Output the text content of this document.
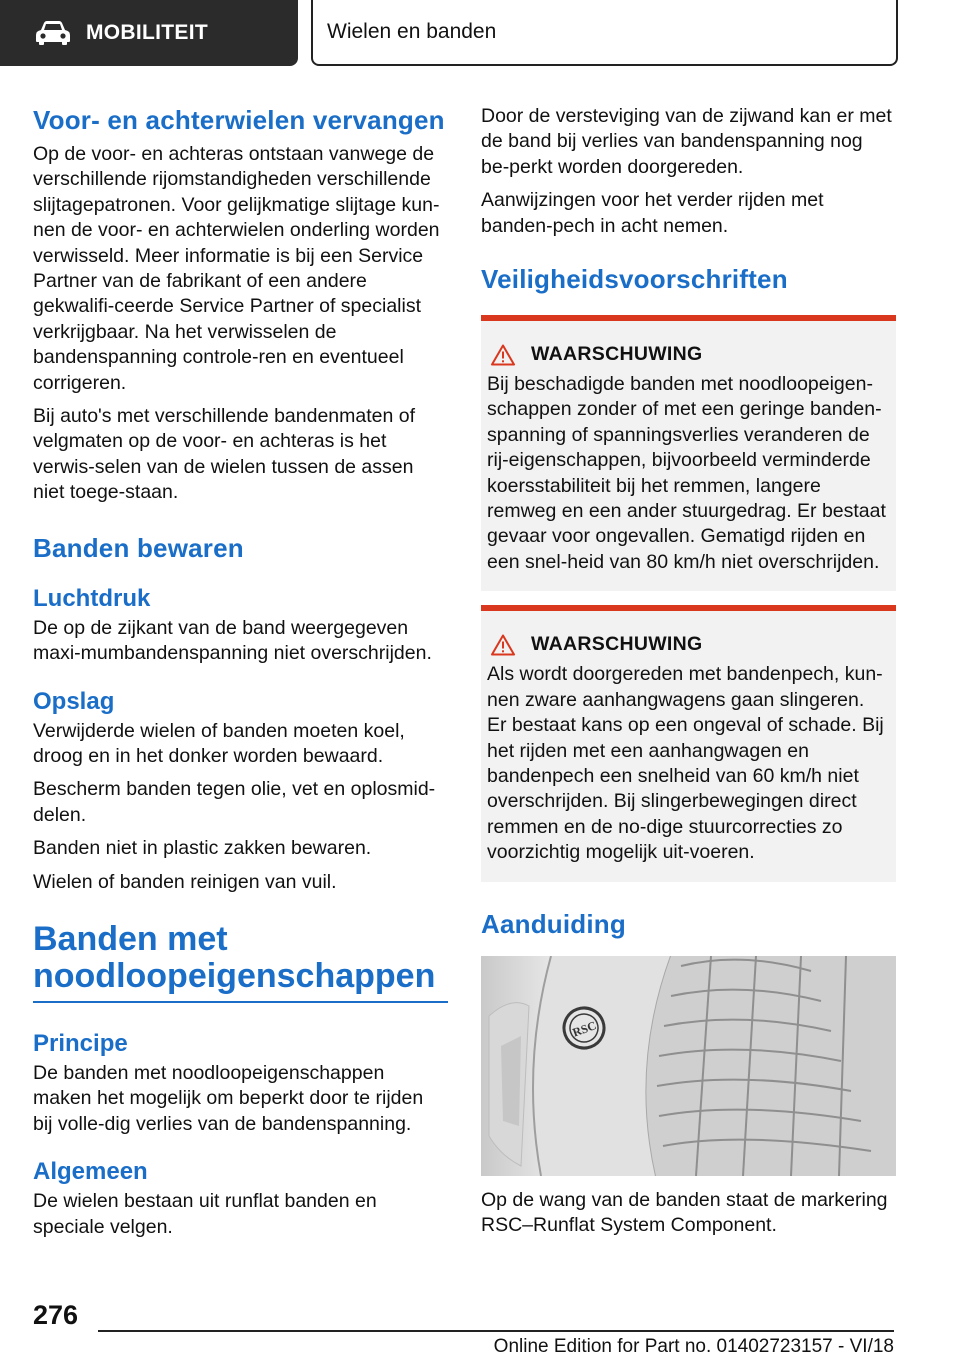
MOBILITEIT	Wielen en banden
Voor- en achterwielen vervangen

Op de voor- en achteras ontstaan vanwege de verschillende rijomstandigheden verschillende slijtagepatronen. Voor gelijkmatige slijtage kun-nen de voor- en achterwielen onderling worden verwisseld. Meer informatie is bij een Service Partner van de fabrikant of een andere gekwalifi-ceerde Service Partner of specialist verkrijgbaar. Na het verwisselen de bandenspanning controle-ren en eventueel corrigeren.

Bij auto's met verschillende bandenmaten of velgmaten op de voor- en achteras is het verwis-selen van de wielen tussen de assen niet toege-staan.

Banden bewaren
Luchtdruk

De op de zijkant van de band weergegeven maxi-mumbandenspanning niet overschrijden.

Opslag

Verwijderde wielen of banden moeten koel, droog en in het donker worden bewaard.

Bescherm banden tegen olie, vet en oplosmid-delen.

Banden niet in plastic zakken bewaren.

Wielen of banden reinigen van vuil.

Banden met
noodloopeigenschappen
Principe

De banden met noodloopeigenschappen maken het mogelijk om beperkt door te rijden bij volle-dig verlies van de bandenspanning.

Algemeen

De wielen bestaan uit runflat banden en speciale velgen.

Door de versteviging van de zijwand kan er met de band bij verlies van bandenspanning nog be-perkt worden doorgereden.

Aanwijzingen voor het verder rijden met banden-pech in acht nemen.

Veiligheidsvoorschriften
WAARSCHUWING

Bij beschadigde banden met noodloopeigen-schappen zonder of met een geringe banden-spanning of spanningsverlies veranderen de rij-eigenschappen, bijvoorbeeld verminderde koersstabiliteit bij het remmen, langere remweg en een ander stuurgedrag. Er bestaat gevaar voor ongevallen. Gematigd rijden en een snel-heid van 80 km/h niet overschrijden.

WAARSCHUWING

Als wordt doorgereden met bandenpech, kun-nen zware aanhangwagens gaan slingeren. Er bestaat kans op een ongeval of schade. Bij het rijden met een aanhangwagen en bandenpech een snelheid van 60 km/h niet overschrijden. Bij slingerbewegingen direct remmen en de no-dige stuurcorrecties zo voorzichtig mogelijk uit-voeren.

Aanduiding
RSC

Op de wang van de banden staat de markering RSC–Runflat System Component.

276
Online Edition for Part no. 01402723157 - VI/18
